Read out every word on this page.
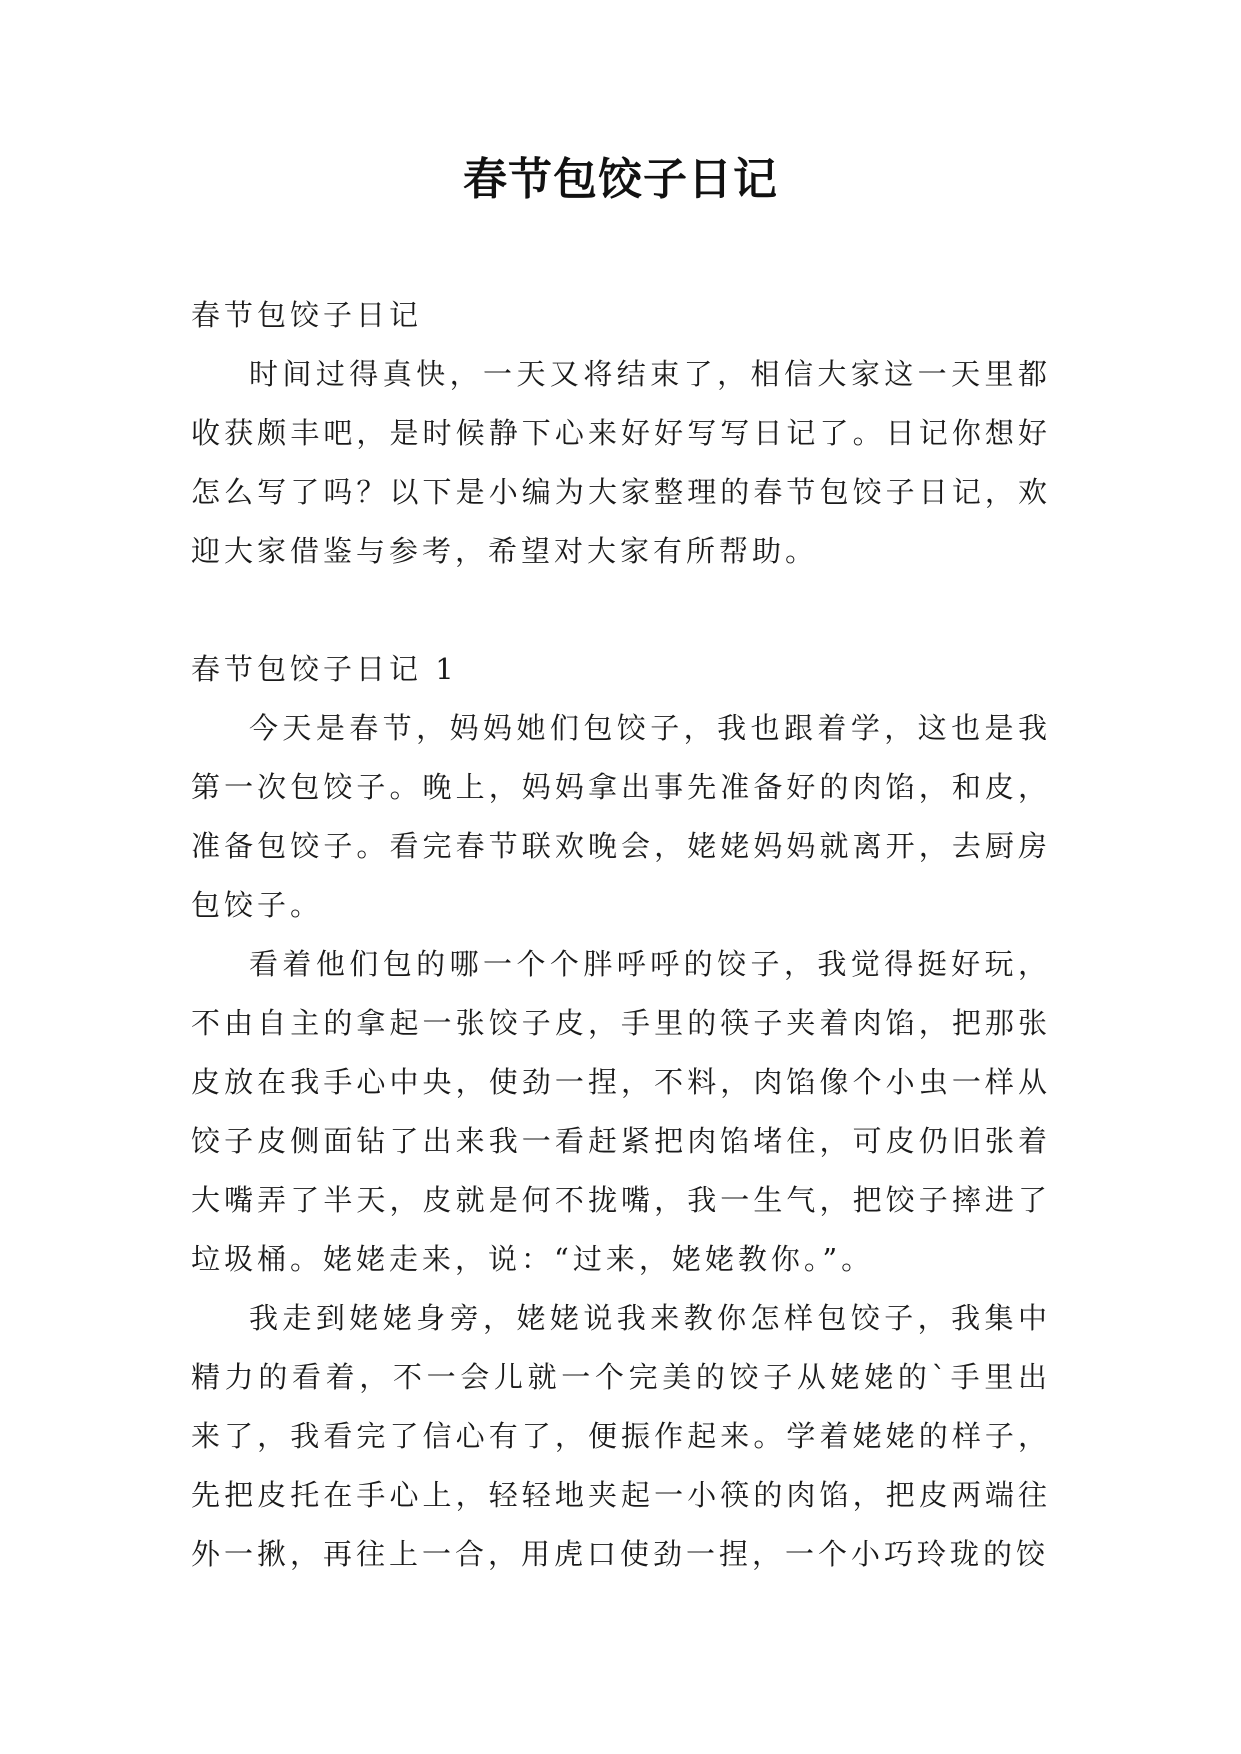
春节包饺子日记

春节包饺子日记

时间过得真快，一天又将结束了，相信大家这一天里都收获颇丰吧，是时候静下心来好好写写日记了。日记你想好怎么写了吗？以下是小编为大家整理的春节包饺子日记，欢迎大家借鉴与参考，希望对大家有所帮助。

春节包饺子日记 1

今天是春节，妈妈她们包饺子，我也跟着学，这也是我第一次包饺子。晚上，妈妈拿出事先准备好的肉馅，和皮，准备包饺子。看完春节联欢晚会，姥姥妈妈就离开，去厨房包饺子。

看着他们包的哪一个个胖呼呼的饺子，我觉得挺好玩，不由自主的拿起一张饺子皮，手里的筷子夹着肉馅，把那张皮放在我手心中央，使劲一捏，不料，肉馅像个小虫一样从饺子皮侧面钻了出来我一看赶紧把肉馅堵住，可皮仍旧张着大嘴弄了半天，皮就是何不拢嘴，我一生气，把饺子摔进了垃圾桶。姥姥走来，说：“过来，姥姥教你。”。

我走到姥姥身旁，姥姥说我来教你怎样包饺子，我集中精力的看着，不一会儿就一个完美的饺子从姥姥的`手里出来了，我看完了信心有了，便振作起来。学着姥姥的样子，先把皮托在手心上，轻轻地夹起一小筷的肉馅，把皮两端往外一揪，再往上一合，用虎口使劲一捏，一个小巧玲珑的饺
